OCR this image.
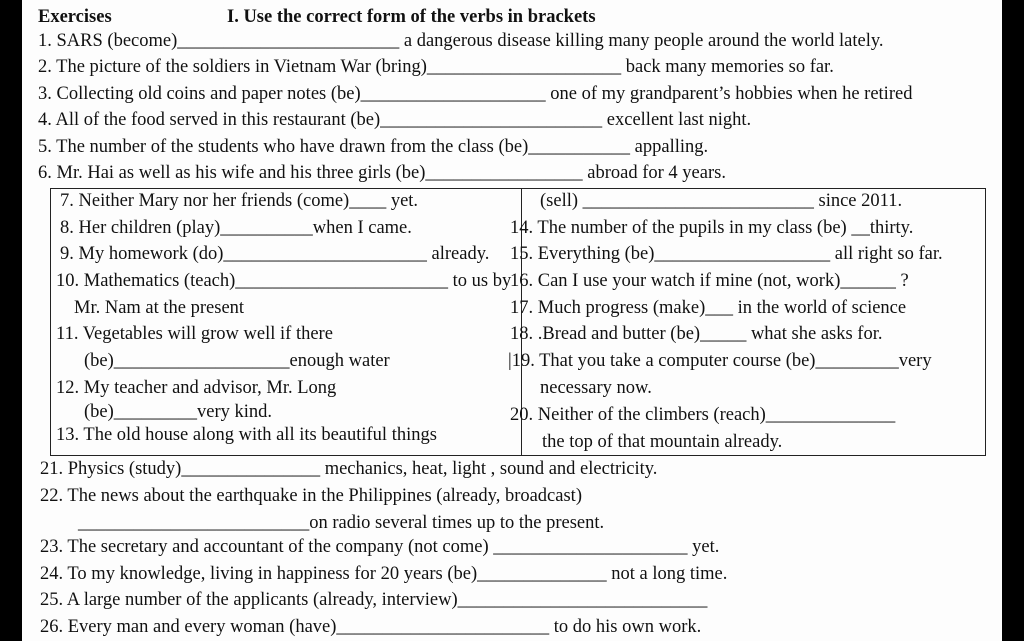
Exercises	I. Use the correct form of the verbs in brackets
1. SARS (become)________________________ a dangerous disease killing many people around the world lately.
2. The picture of the soldiers in Vietnam War (bring)_____________________ back many memories so far.
3. Collecting old coins and paper notes (be)____________________ one of my grandparent’s hobbies when he retired
4. All of the food served in this restaurant (be)________________________ excellent last night.
5. The number of the students who have drawn from the class (be)___________ appalling.
6. Mr. Hai as well as his wife and his three girls (be)_________________ abroad for 4 years.
7. Neither Mary nor her friends (come)____ yet.
8. Her children (play)__________when I came.
9. My homework (do)______________________ already.
10. Mathematics (teach)_______________________ to us by
Mr. Nam at the present
11. Vegetables will grow well if there
(be)___________________enough water
12. My teacher and advisor, Mr. Long
(be)_________very kind.
13. The old house along with all its beautiful things
(sell) _________________________ since 2011.
14. The number of the pupils in my class (be) __thirty.
15. Everything (be)___________________ all right so far.
16. Can I use your watch if mine (not, work)______ ?
17. Much progress (make)___ in the world of science
18. .Bread and butter (be)_____ what she asks for.
|19. That you take a computer course (be)_________very
necessary now.
20. Neither of the climbers (reach)______________
the top of that mountain already.
21. Physics (study)_______________ mechanics, heat, light , sound and electricity.
22. The news about the earthquake in the Philippines (already, broadcast)
_________________________on radio several times up to the present.
23. The secretary and accountant of the company (not come) _____________________ yet.
24. To my knowledge, living in happiness for 20 years (be)______________ not a long time.
25. A large number of the applicants (already, interview)___________________________
26. Every man and every woman (have)_______________________ to do his own work.
